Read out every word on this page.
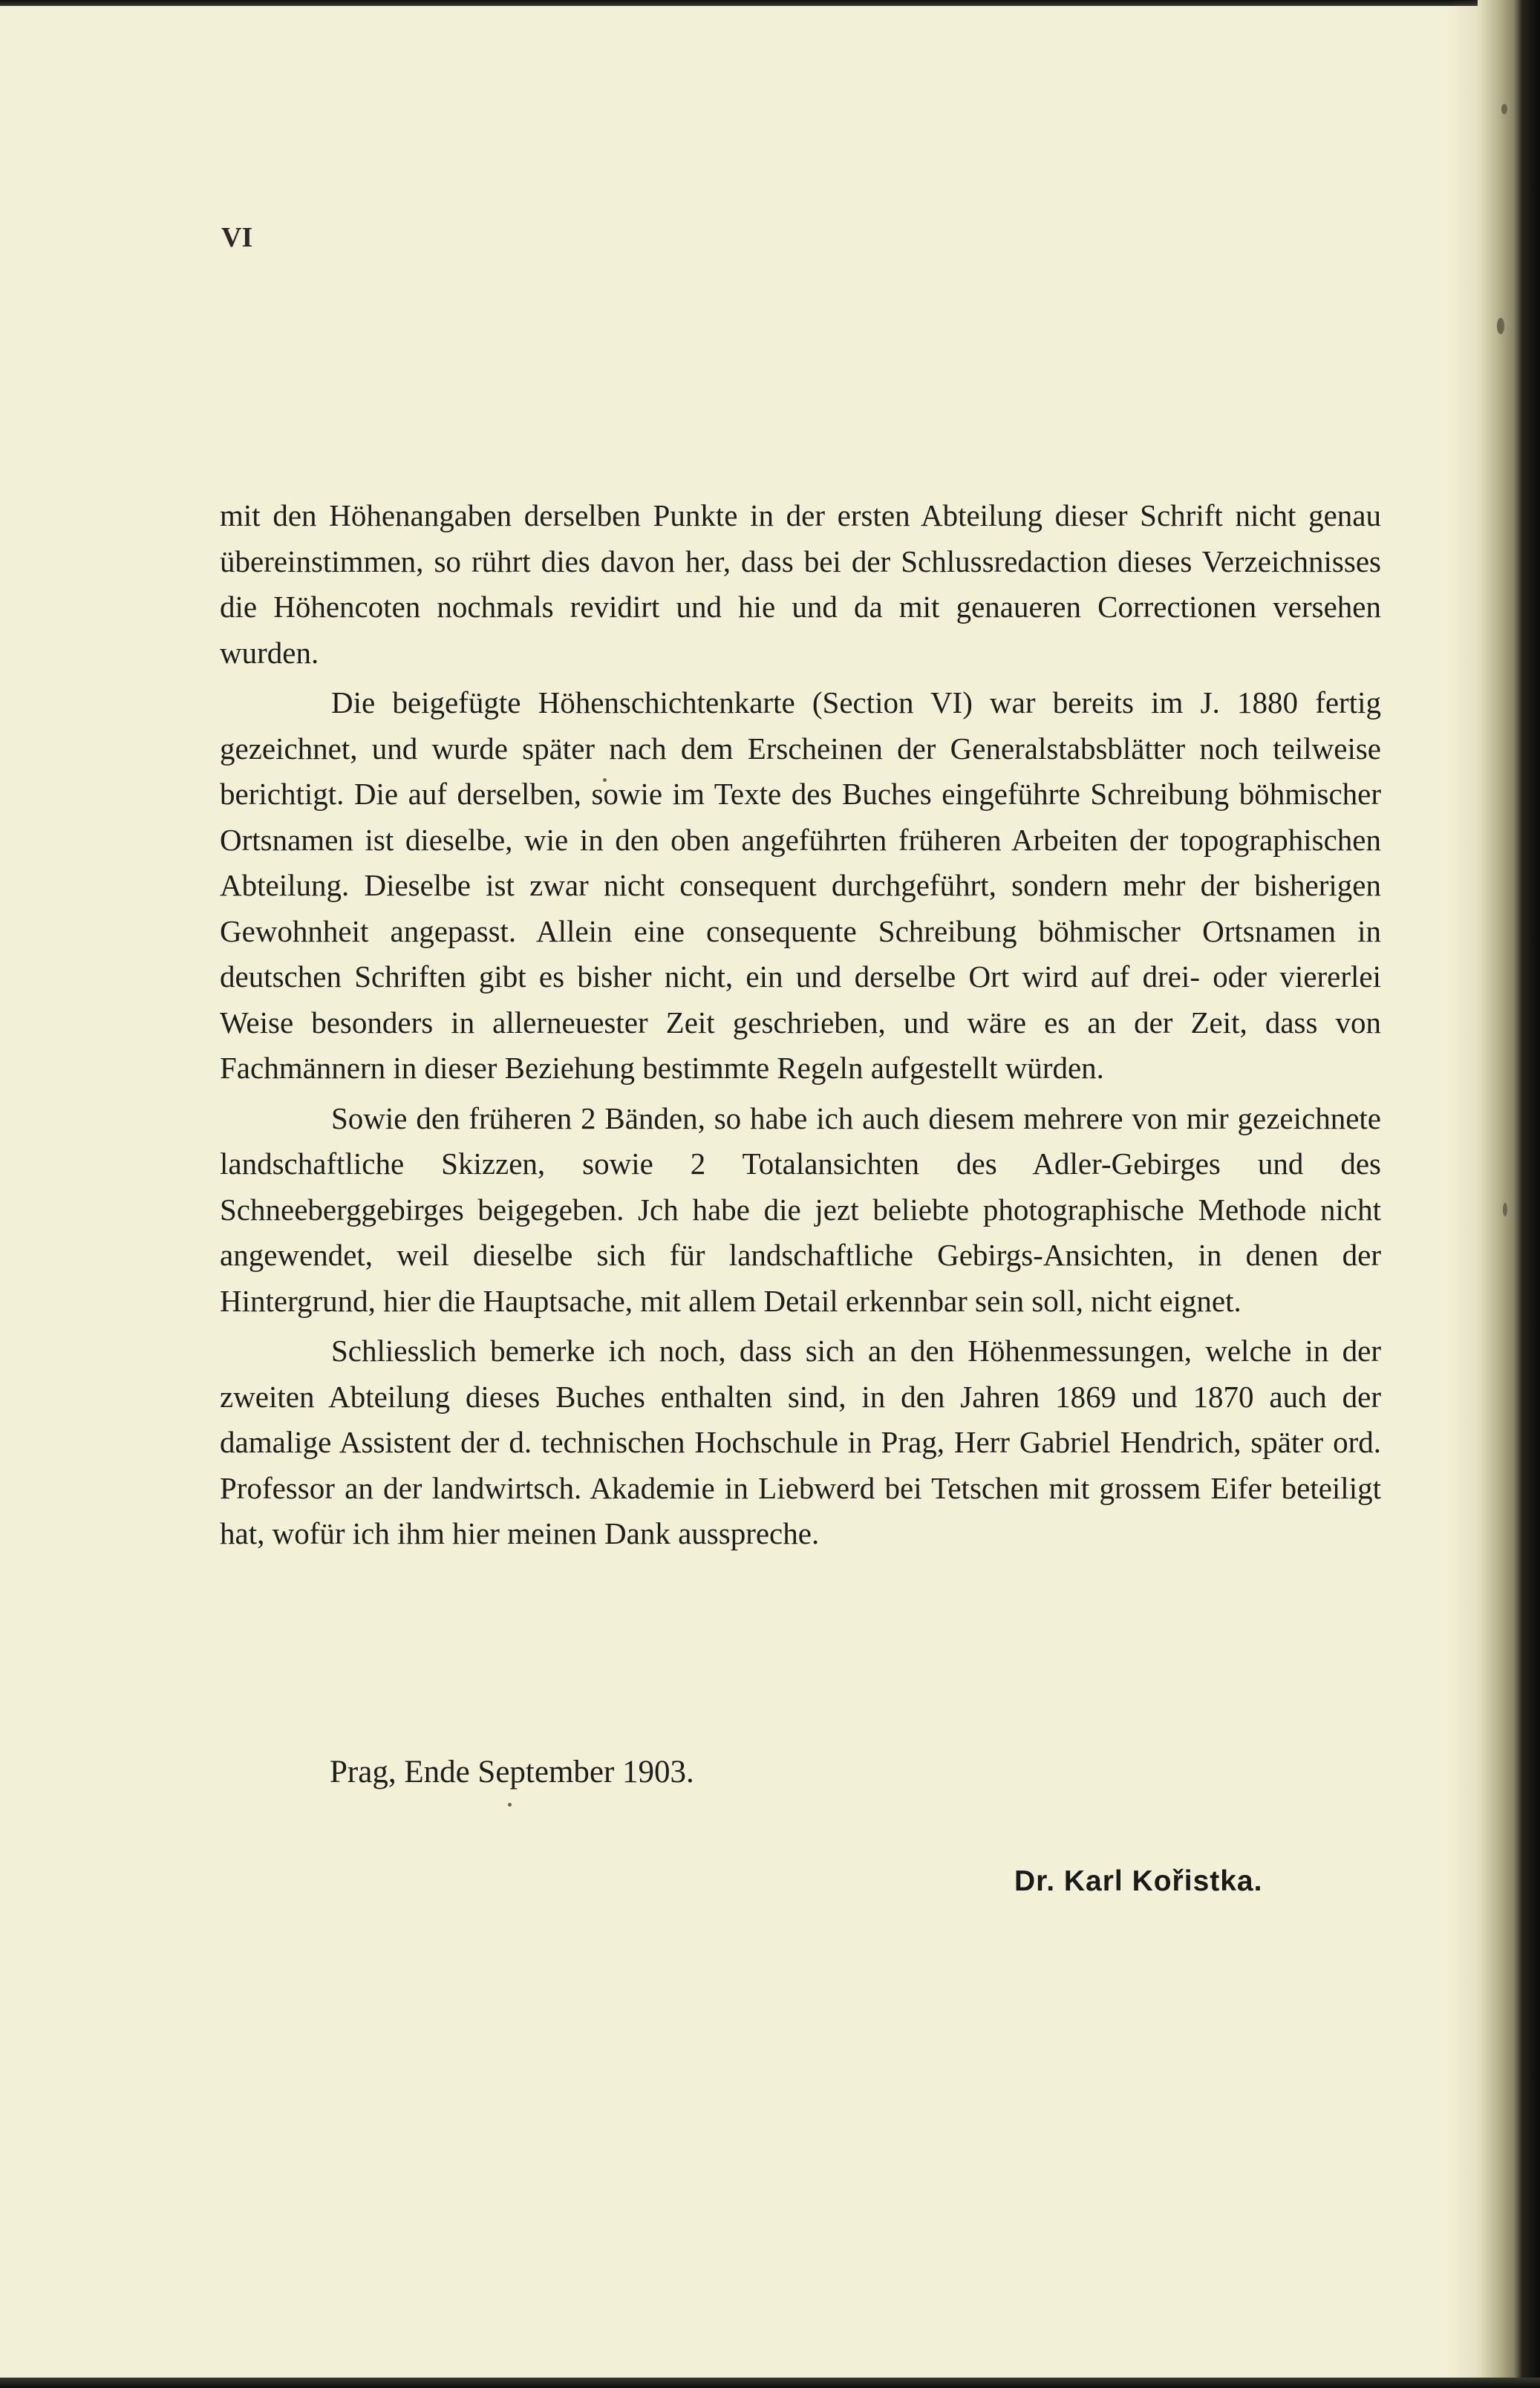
VI

mit den Höhenangaben derselben Punkte in der ersten Abteilung dieser Schrift nicht genau übereinstimmen, so rührt dies davon her, dass bei der Schlussredaction dieses Verzeichnisses die Höhencoten nochmals revidirt und hie und da mit genaueren Correctionen versehen wurden.

Die beigefügte Höhenschichtenkarte (Section VI) war bereits im J. 1880 fertig gezeichnet, und wurde später nach dem Erscheinen der Generalstabsblätter noch teilweise berichtigt. Die auf derselben, sowie im Texte des Buches eingeführte Schreibung böhmischer Ortsnamen ist dieselbe, wie in den oben angeführten früheren Arbeiten der topographischen Abteilung. Dieselbe ist zwar nicht consequent durchgeführt, sondern mehr der bisherigen Gewohnheit angepasst. Allein eine consequente Schreibung böhmischer Ortsnamen in deutschen Schriften gibt es bisher nicht, ein und derselbe Ort wird auf drei- oder viererlei Weise besonders in allerneuester Zeit geschrieben, und wäre es an der Zeit, dass von Fachmännern in dieser Beziehung bestimmte Regeln aufgestellt würden.

Sowie den früheren 2 Bänden, so habe ich auch diesem mehrere von mir gezeichnete landschaftliche Skizzen, sowie 2 Totalansichten des Adler-Gebirges und des Schneeberggebirges beigegeben. Jch habe die jezt beliebte photographische Methode nicht angewendet, weil dieselbe sich für landschaftliche Gebirgs-Ansichten, in denen der Hintergrund, hier die Hauptsache, mit allem Detail erkennbar sein soll, nicht eignet.

Schliesslich bemerke ich noch, dass sich an den Höhenmessungen, welche in der zweiten Abteilung dieses Buches enthalten sind, in den Jahren 1869 und 1870 auch der damalige Assistent der d. technischen Hochschule in Prag, Herr Gabriel Hendrich, später ord. Professor an der landwirtsch. Akademie in Liebwerd bei Tetschen mit grossem Eifer beteiligt hat, wofür ich ihm hier meinen Dank ausspreche.

Prag, Ende September 1903.

Dr. Karl Kořistka.
